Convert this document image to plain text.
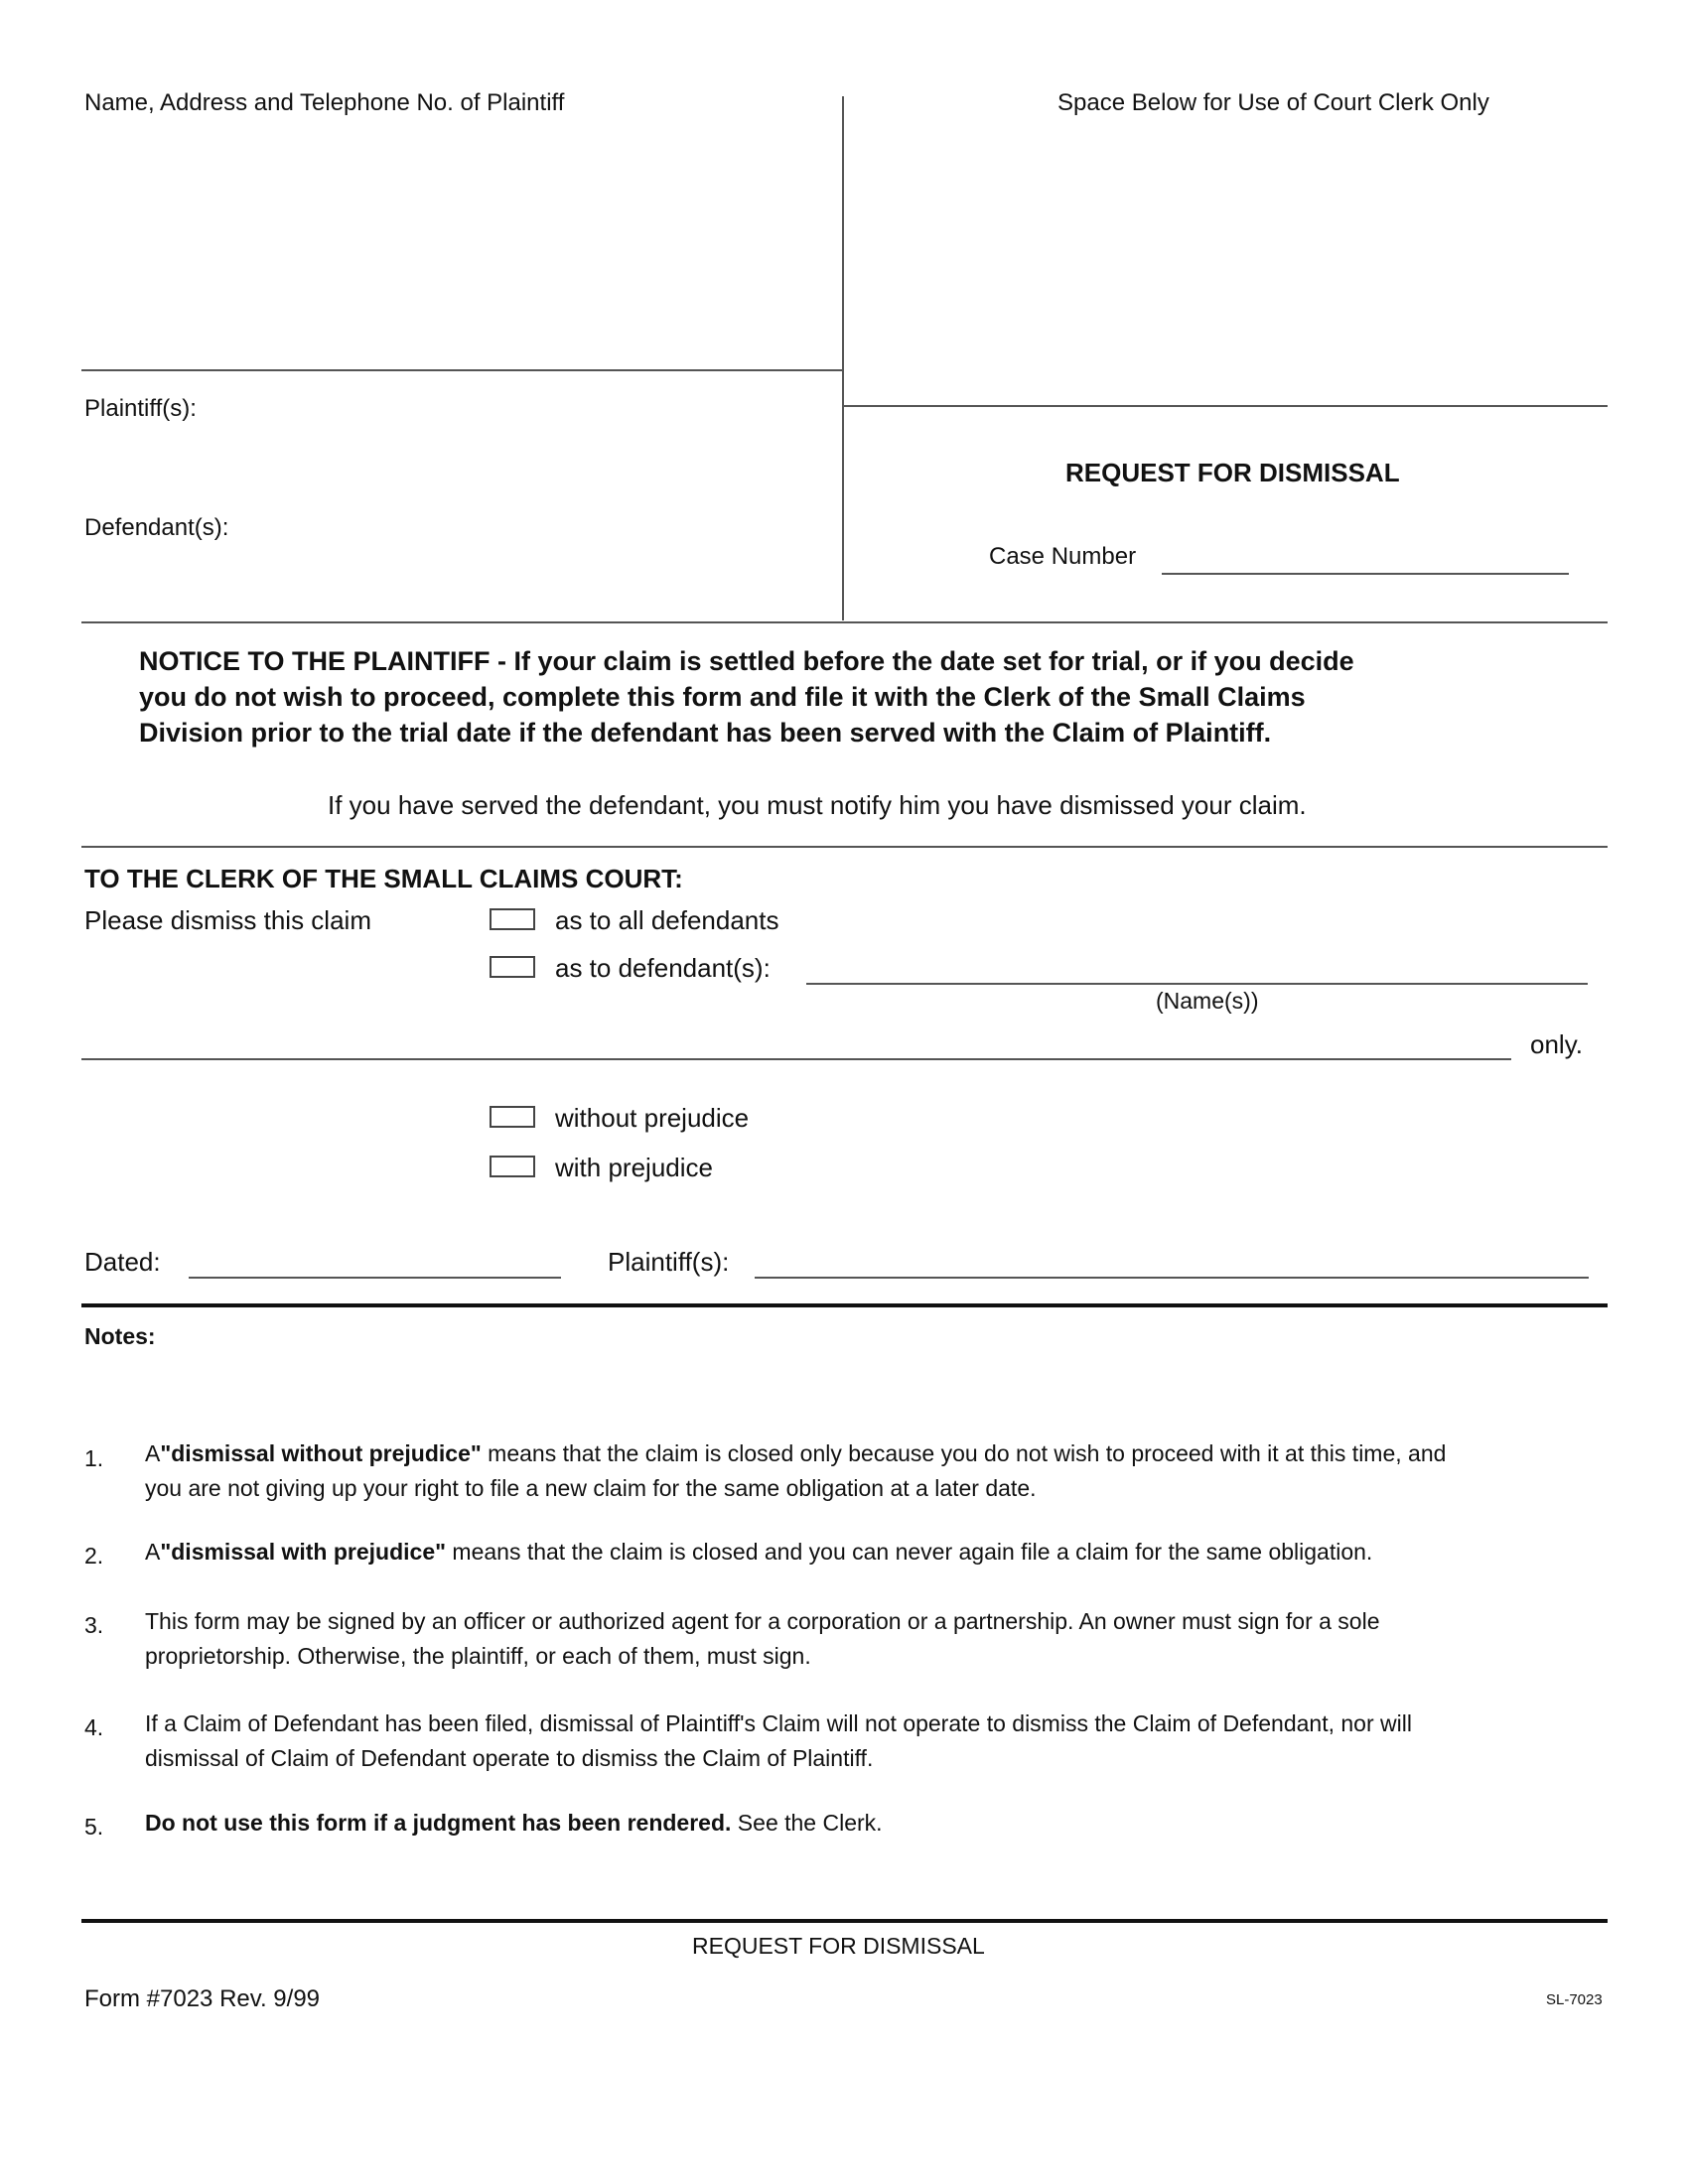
Name, Address and Telephone No. of Plaintiff	Space Below for Use of Court Clerk Only
Plaintiff(s):
Defendant(s):
REQUEST FOR DISMISSAL
Case Number
NOTICE TO THE PLAINTIFF - If your claim is settled before the date set for trial, or if you decide
you do not wish to proceed, complete this form and file it with the Clerk of the Small Claims
Division prior to the trial date if the defendant has been served with the Claim of Plaintiff.
If you have served the defendant, you must notify him you have dismissed your claim.
TO THE CLERK OF THE SMALL CLAIMS COURT:
Please dismiss this claim	as to all defendants
as to defendant(s):
(Name(s))
only.
without prejudice
with prejudice
Dated:	Plaintiff(s):
Notes:
1. A"dismissal without prejudice" means that the claim is closed only because you do not wish to proceed with it at this time, and
you are not giving up your right to file a new claim for the same obligation at a later date.
2. A"dismissal with prejudice" means that the claim is closed and you can never again file a claim for the same obligation.
3. This form may be signed by an officer or authorized agent for a corporation or a partnership. An owner must sign for a sole
proprietorship. Otherwise, the plaintiff, or each of them, must sign.
4. If a Claim of Defendant has been filed, dismissal of Plaintiff's Claim will not operate to dismiss the Claim of Defendant, nor will
dismissal of Claim of Defendant operate to dismiss the Claim of Plaintiff.
5. Do not use this form if a judgment has been rendered. See the Clerk.
REQUEST FOR DISMISSAL
Form #7023 Rev. 9/99	SL-7023
